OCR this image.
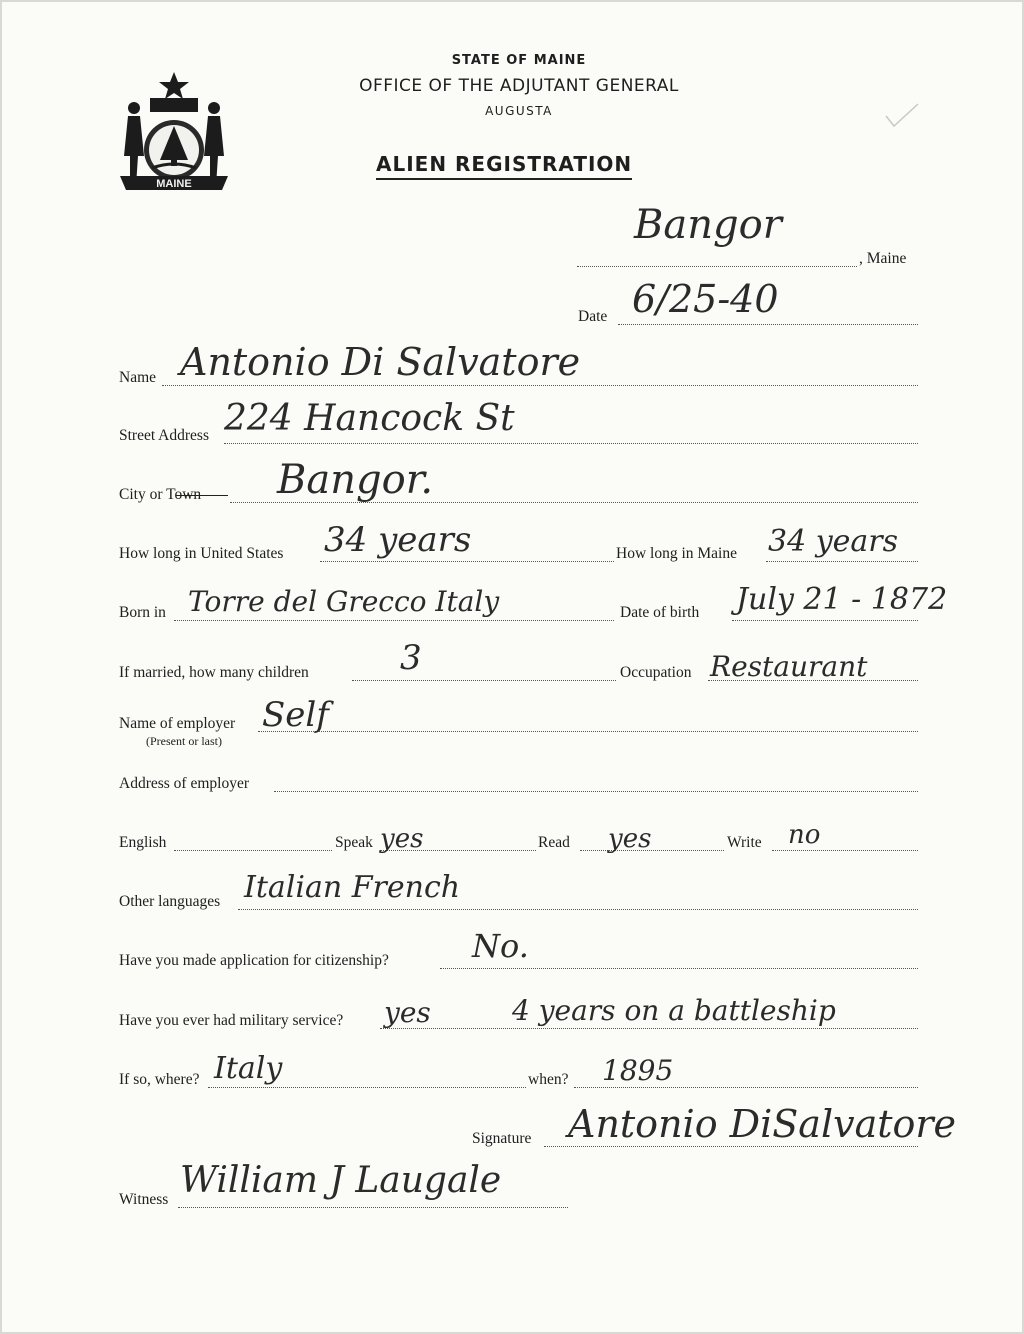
MAINE
STATE OF MAINE
OFFICE OF THE ADJUTANT GENERAL
AUGUSTA
ALIEN REGISTRATION
Bangor
, Maine
Date 6/25-40
Name Antonio Di Salvatore
Street Address 224 Hancock St
City or Town Bangor.
How long in United States 34 years	How long in Maine 34 years
Born in Torre del Grecco Italy	Date of birth July 21 - 1872
If married, how many children	3	Occupation Restaurant
Name of employer
(Present or last)
Self
Address of employer
English	Speak yes	Read yes	Write no
Other languages Italian French
Have you made application for citizenship?	No.
Have you ever had military service? yes	4 years on a battleship
If so, where? Italy	when? 1895
Signature Antonio DiSalvatore
Witness William J Laugale
